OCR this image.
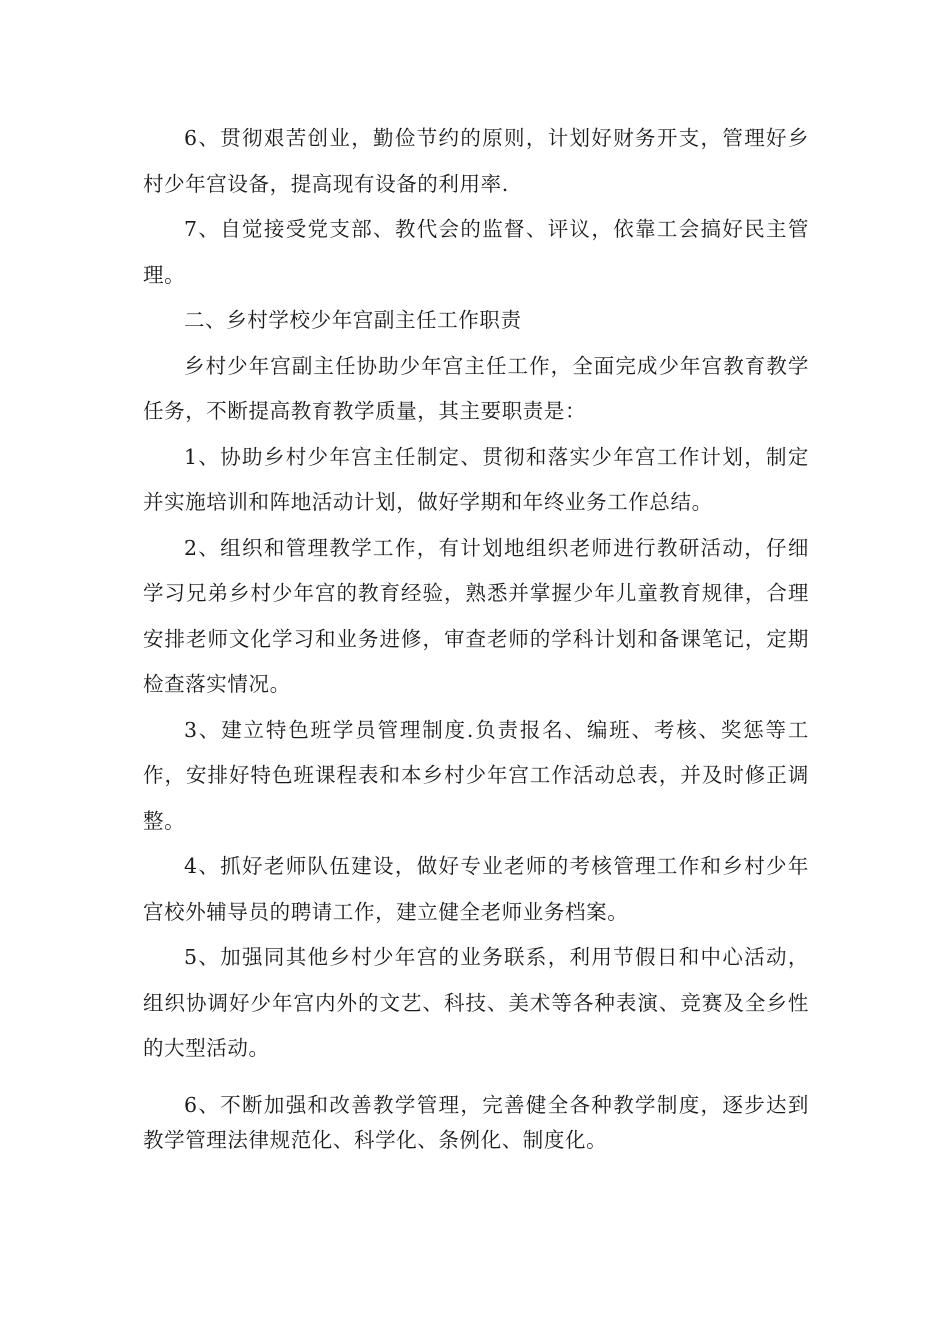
6、贯彻艰苦创业，勤俭节约的原则，计划好财务开支，管理好乡村少年宫设备，提高现有设备的利用率.

7、自觉接受党支部、教代会的监督、评议，依靠工会搞好民主管理。

二、乡村学校少年宫副主任工作职责

乡村少年宫副主任协助少年宫主任工作，全面完成少年宫教育教学任务，不断提高教育教学质量，其主要职责是：

1、协助乡村少年宫主任制定、贯彻和落实少年宫工作计划，制定并实施培训和阵地活动计划，做好学期和年终业务工作总结。

2、组织和管理教学工作，有计划地组织老师进行教研活动，仔细学习兄弟乡村少年宫的教育经验，熟悉并掌握少年儿童教育规律，合理安排老师文化学习和业务进修，审查老师的学科计划和备课笔记，定期检查落实情况。

3、建立特色班学员管理制度.负责报名、编班、考核、奖惩等工作，安排好特色班课程表和本乡村少年宫工作活动总表，并及时修正调整。

4、抓好老师队伍建设，做好专业老师的考核管理工作和乡村少年宫校外辅导员的聘请工作，建立健全老师业务档案。

5、加强同其他乡村少年宫的业务联系，利用节假日和中心活动，组织协调好少年宫内外的文艺、科技、美术等各种表演、竞赛及全乡性的大型活动。

6、不断加强和改善教学管理，完善健全各种教学制度，逐步达到教学管理法律规范化、科学化、条例化、制度化。
